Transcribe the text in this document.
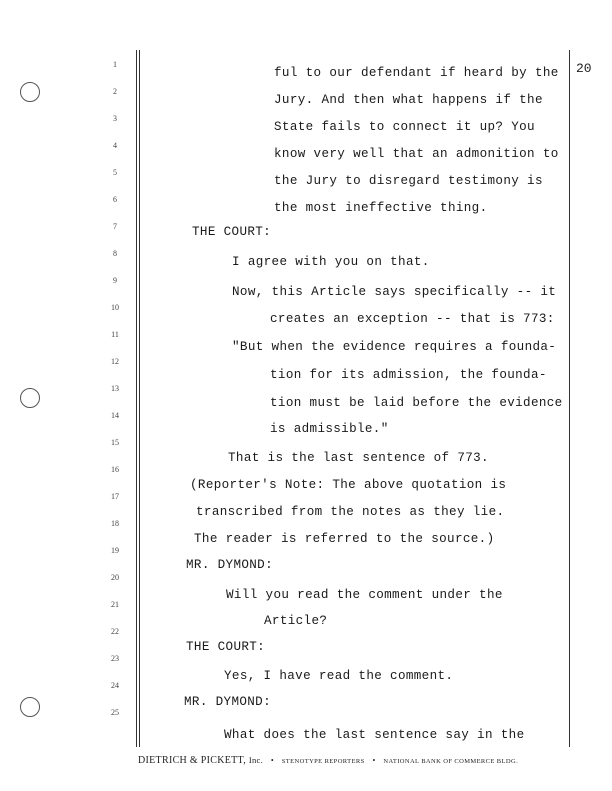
20
1
2
3
4
5
6
7
8
9
10
11
12
13
14
15
16
17
18
19
20
21
22
23
24
25
ful to our defendant if heard by the
Jury. And then what happens if the
State fails to connect it up? You
know very well that an admonition to
the Jury to disregard testimony is
the most ineffective thing.
THE COURT:
I agree with you on that.
Now, this Article says specifically -- it
creates an exception -- that is 773:
"But when the evidence requires a founda-
tion for its admission, the founda-
tion must be laid before the evidence
is admissible."
That is the last sentence of 773.
(Reporter's Note: The above quotation is
transcribed from the notes as they lie.
The reader is referred to the source.)
MR. DYMOND:
Will you read the comment under the
Article?
THE COURT:
Yes, I have read the comment.
MR. DYMOND:
What does the last sentence say in the
DIETRICH & PICKETT, Inc. • STENOTYPE REPORTERS • NATIONAL BANK OF COMMERCE BLDG.
